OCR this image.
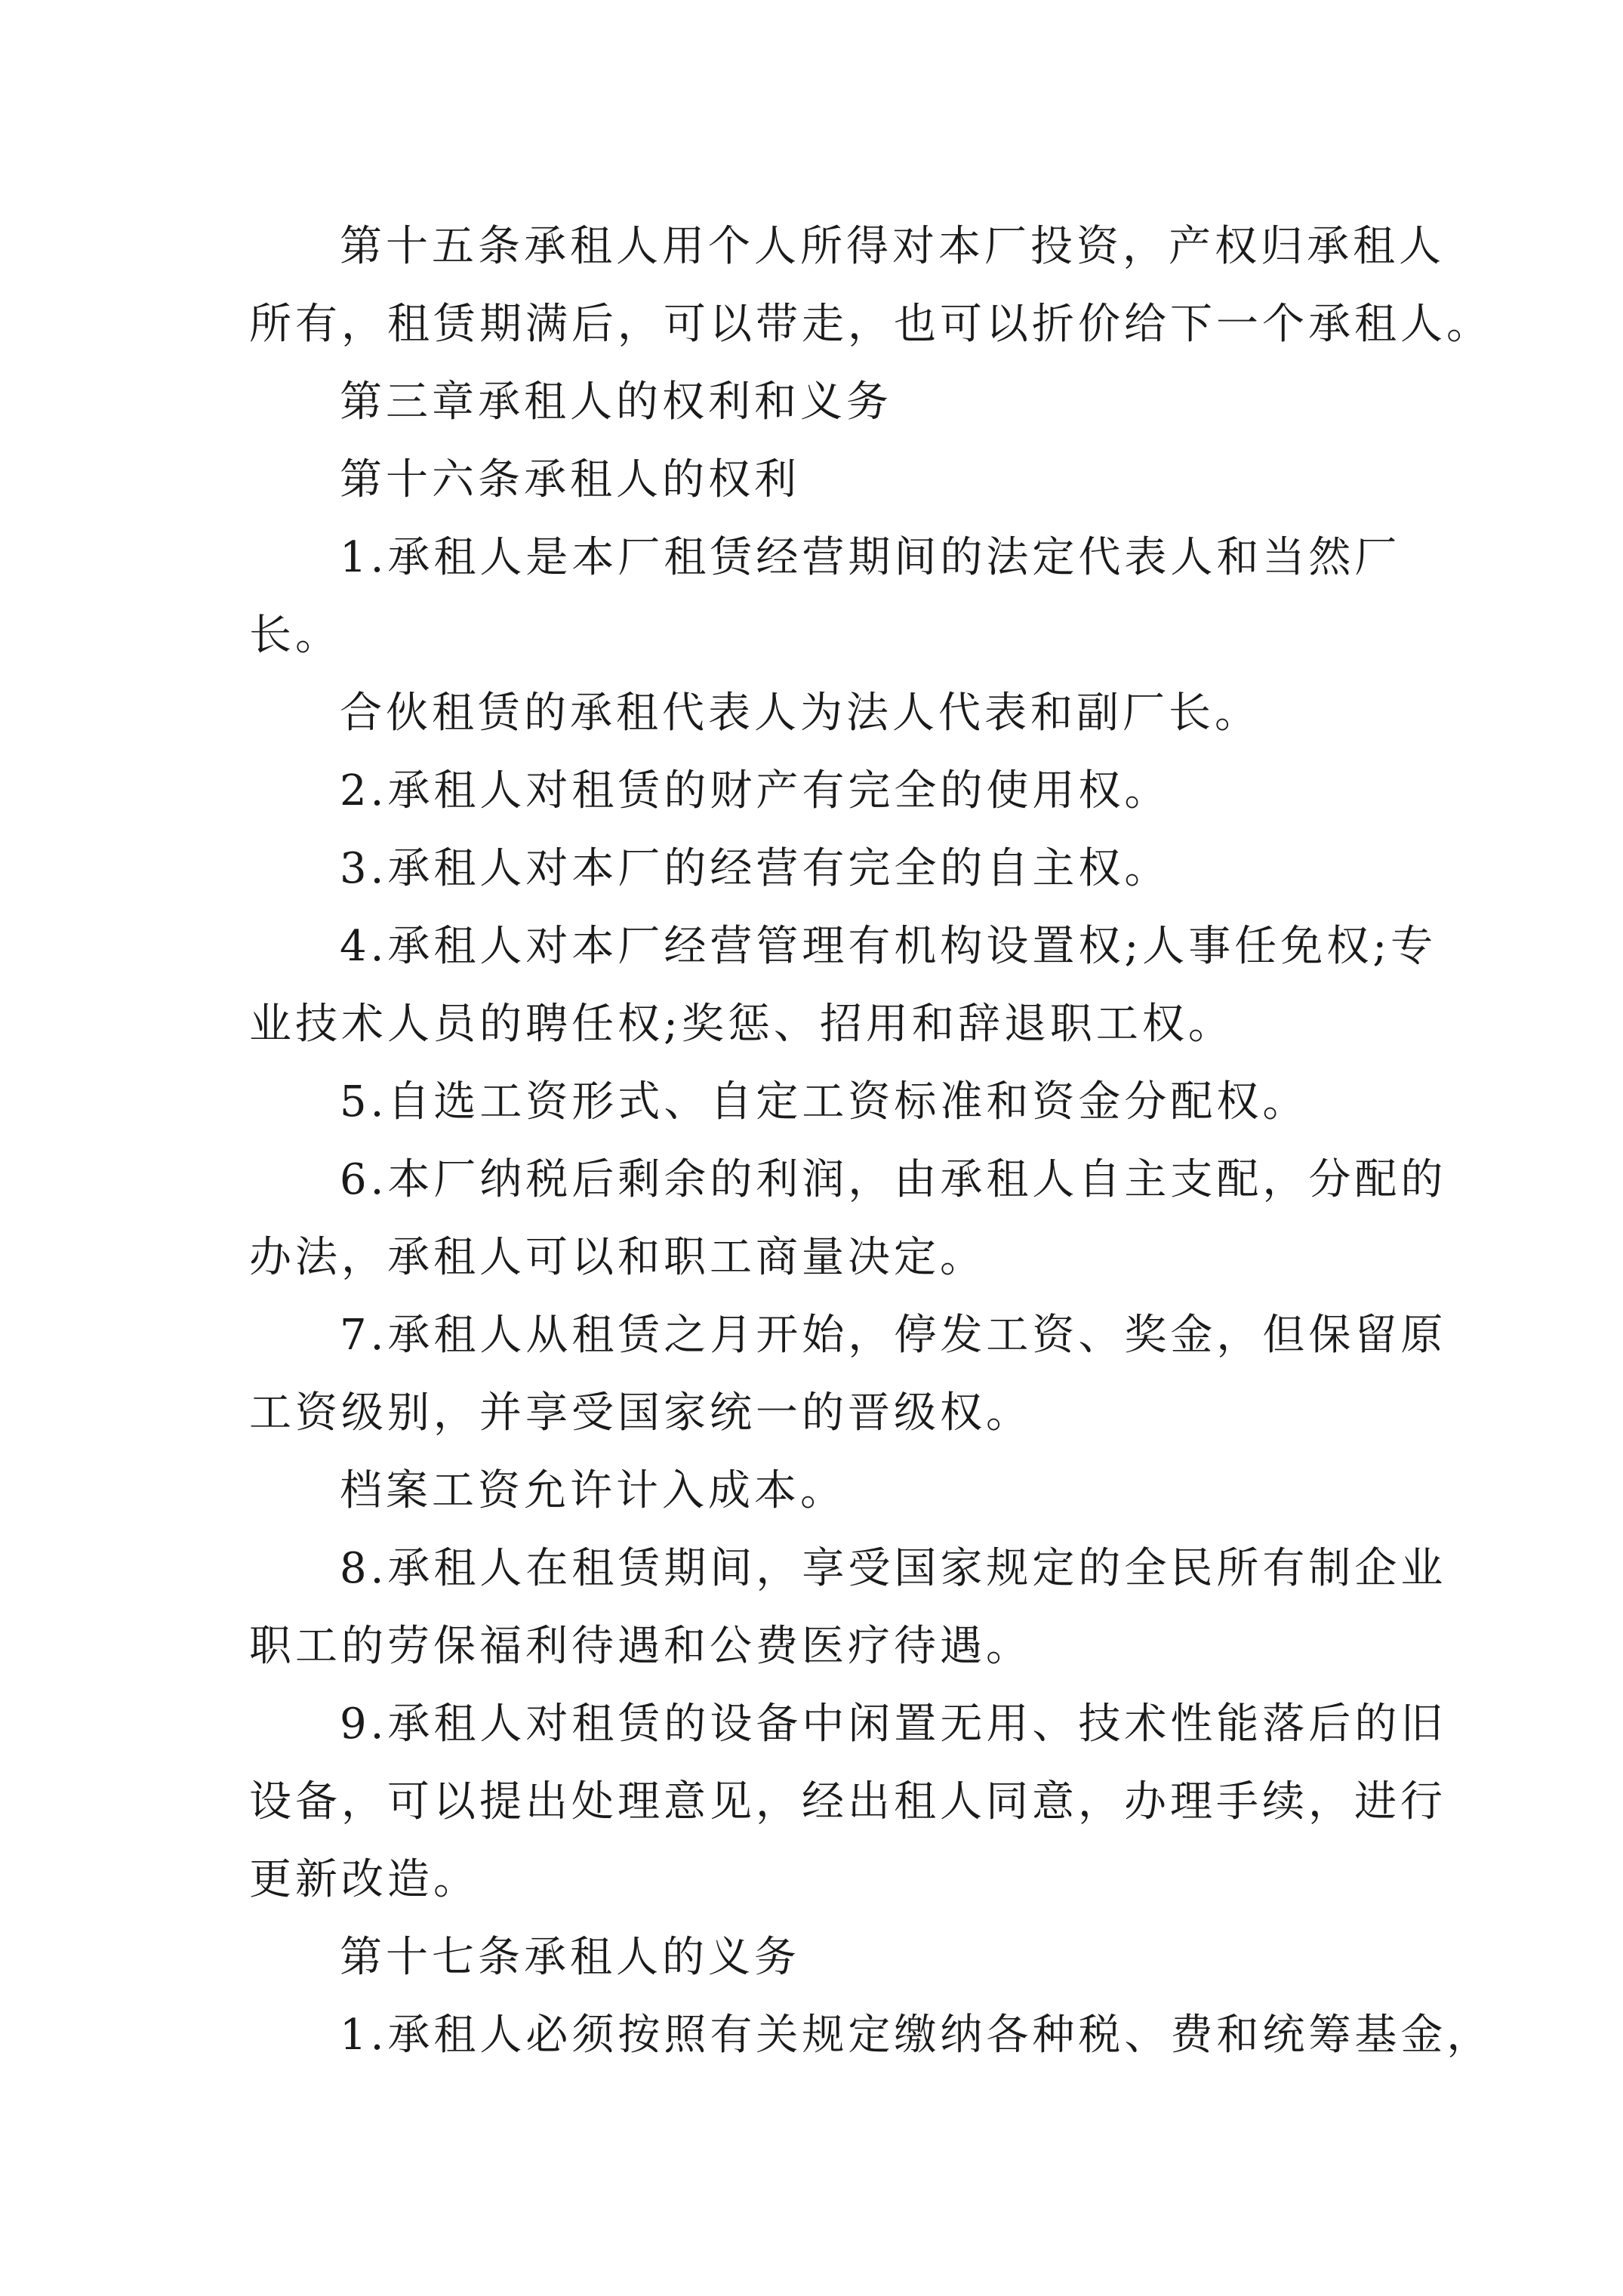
第十五条承租人用个人所得对本厂投资，产权归承租人

所有，租赁期满后，可以带走，也可以折价给下一个承租人。

第三章承租人的权利和义务

第十六条承租人的权利

1.承租人是本厂租赁经营期间的法定代表人和当然厂

长。

合伙租赁的承租代表人为法人代表和副厂长。

2.承租人对租赁的财产有完全的使用权。

3.承租人对本厂的经营有完全的自主权。

4.承租人对本厂经营管理有机构设置权;人事任免权;专

业技术人员的聘任权;奖惩、招用和辞退职工权。

5.自选工资形式、自定工资标准和资金分配权。

6.本厂纳税后剩余的利润，由承租人自主支配，分配的

办法，承租人可以和职工商量决定。

7.承租人从租赁之月开始，停发工资、奖金，但保留原

工资级别，并享受国家统一的晋级权。

档案工资允许计入成本。

8.承租人在租赁期间，享受国家规定的全民所有制企业

职工的劳保福利待遇和公费医疗待遇。

9.承租人对租赁的设备中闲置无用、技术性能落后的旧

设备，可以提出处理意见，经出租人同意，办理手续，进行

更新改造。

第十七条承租人的义务

1.承租人必须按照有关规定缴纳各种税、费和统筹基金，
